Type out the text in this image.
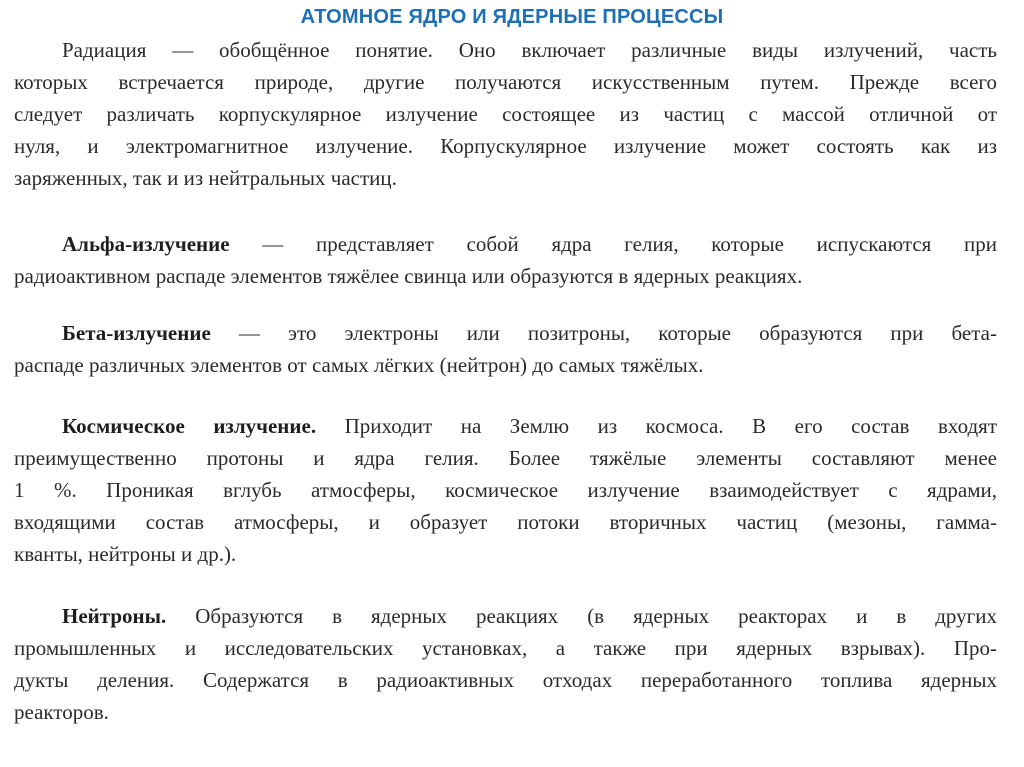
АТОМНОЕ ЯДРО И ЯДЕРНЫЕ ПРОЦЕССЫ
Радиация — обобщённое понятие. Оно включает различные виды излучений, часть
которых встречается природе, другие получаются искусственным путем. Прежде всего
следует различать корпускулярное излучение состоящее из частиц с массой отличной от
нуля, и электромагнитное излучение. Корпускулярное излучение может состоять как из
заряженных, так и из нейтральных частиц.
Альфа-излучение — представляет собой ядра гелия, которые испускаются при
радиоактивном распаде элементов тяжёлее свинца или образуются в ядерных реакциях.
Бета-излучение — это электроны или позитроны, которые образуются при бета-
распаде различных элементов от самых лёгких (нейтрон) до самых тяжёлых.
Космическое излучение. Приходит на Землю из космоса. В его состав входят
преимущественно протоны и ядра гелия. Более тяжёлые элементы составляют менее
1 %. Проникая вглубь атмосферы, космическое излучение взаимодействует с ядрами,
входящими состав атмосферы, и образует потоки вторичных частиц (мезоны, гамма-
кванты, нейтроны и др.).
Нейтроны. Образуются в ядерных реакциях (в ядерных реакторах и в других
промышленных и исследовательских установках, а также при ядерных взрывах). Про-
дукты деления. Содержатся в радиоактивных отходах переработанного топлива ядерных
реакторов.
